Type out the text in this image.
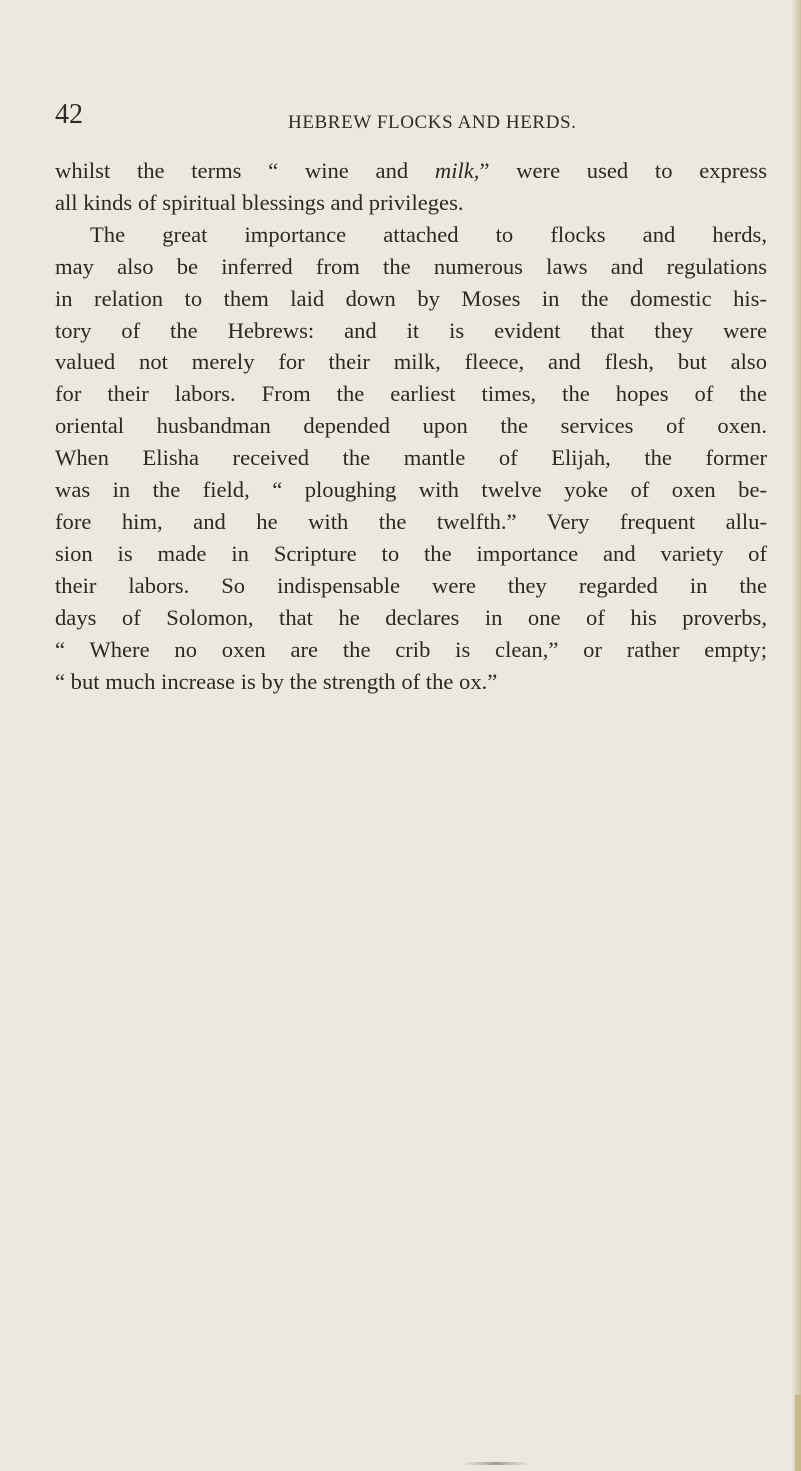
42	HEBREW FLOCKS AND HERDS.
whilst the terms “ wine and milk,” were used to express
all kinds of spiritual blessings and privileges.
The great importance attached to flocks and herds,
may also be inferred from the numerous laws and regulations
in relation to them laid down by Moses in the domestic his-
tory of the Hebrews: and it is evident that they were
valued not merely for their milk, fleece, and flesh, but also
for their labors. From the earliest times, the hopes of the
oriental husbandman depended upon the services of oxen.
When Elisha received the mantle of Elijah, the former
was in the field, “ ploughing with twelve yoke of oxen be-
fore him, and he with the twelfth.” Very frequent allu-
sion is made in Scripture to the importance and variety of
their labors. So indispensable were they regarded in the
days of Solomon, that he declares in one of his proverbs,
“ Where no oxen are the crib is clean,” or rather empty;
“ but much increase is by the strength of the ox.”
